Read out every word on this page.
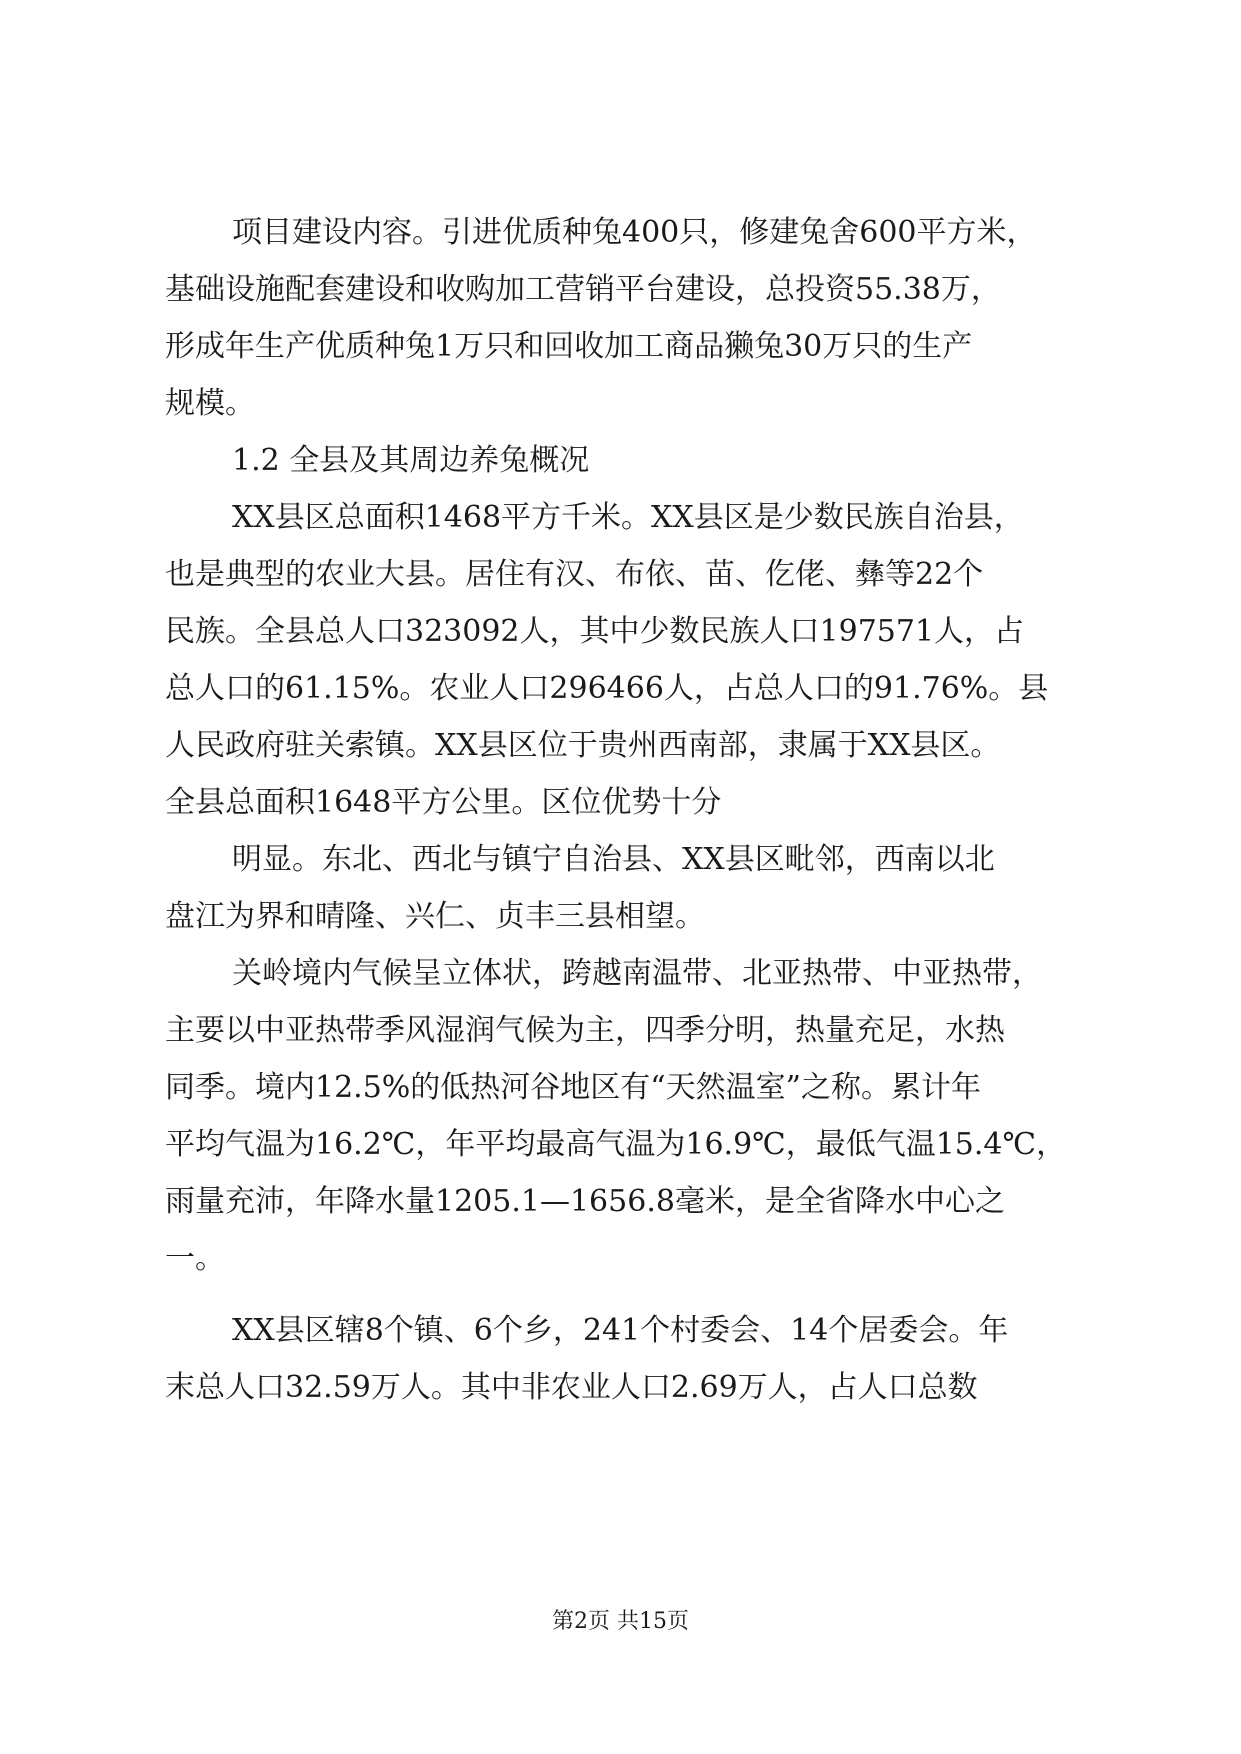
项目建设内容。引进优质种兔400只，修建兔舍600平方米，
基础设施配套建设和收购加工营销平台建设，总投资55.38万，
形成年生产优质种兔1万只和回收加工商品獭兔30万只的生产
规模。
1.2 全县及其周边养兔概况
XX县区总面积1468平方千米。XX县区是少数民族自治县，
也是典型的农业大县。居住有汉、布依、苗、仡佬、彝等22个
民族。全县总人口323092人，其中少数民族人口197571人，占
总人口的61.15%。农业人口296466人，占总人口的91.76%。县
人民政府驻关索镇。XX县区位于贵州西南部，隶属于XX县区。
全县总面积1648平方公里。区位优势十分
明显。东北、西北与镇宁自治县、XX县区毗邻，西南以北
盘江为界和晴隆、兴仁、贞丰三县相望。
关岭境内气候呈立体状，跨越南温带、北亚热带、中亚热带，
主要以中亚热带季风湿润气候为主，四季分明，热量充足，水热
同季。境内12.5%的低热河谷地区有“天然温室”之称。累计年
平均气温为16.2℃，年平均最高气温为16.9℃，最低气温15.4℃，
雨量充沛，年降水量1205.1—1656.8毫米，是全省降水中心之
一。
XX县区辖8个镇、6个乡，241个村委会、14个居委会。年
末总人口32.59万人。其中非农业人口2.69万人，占人口总数
第2页 共15页
